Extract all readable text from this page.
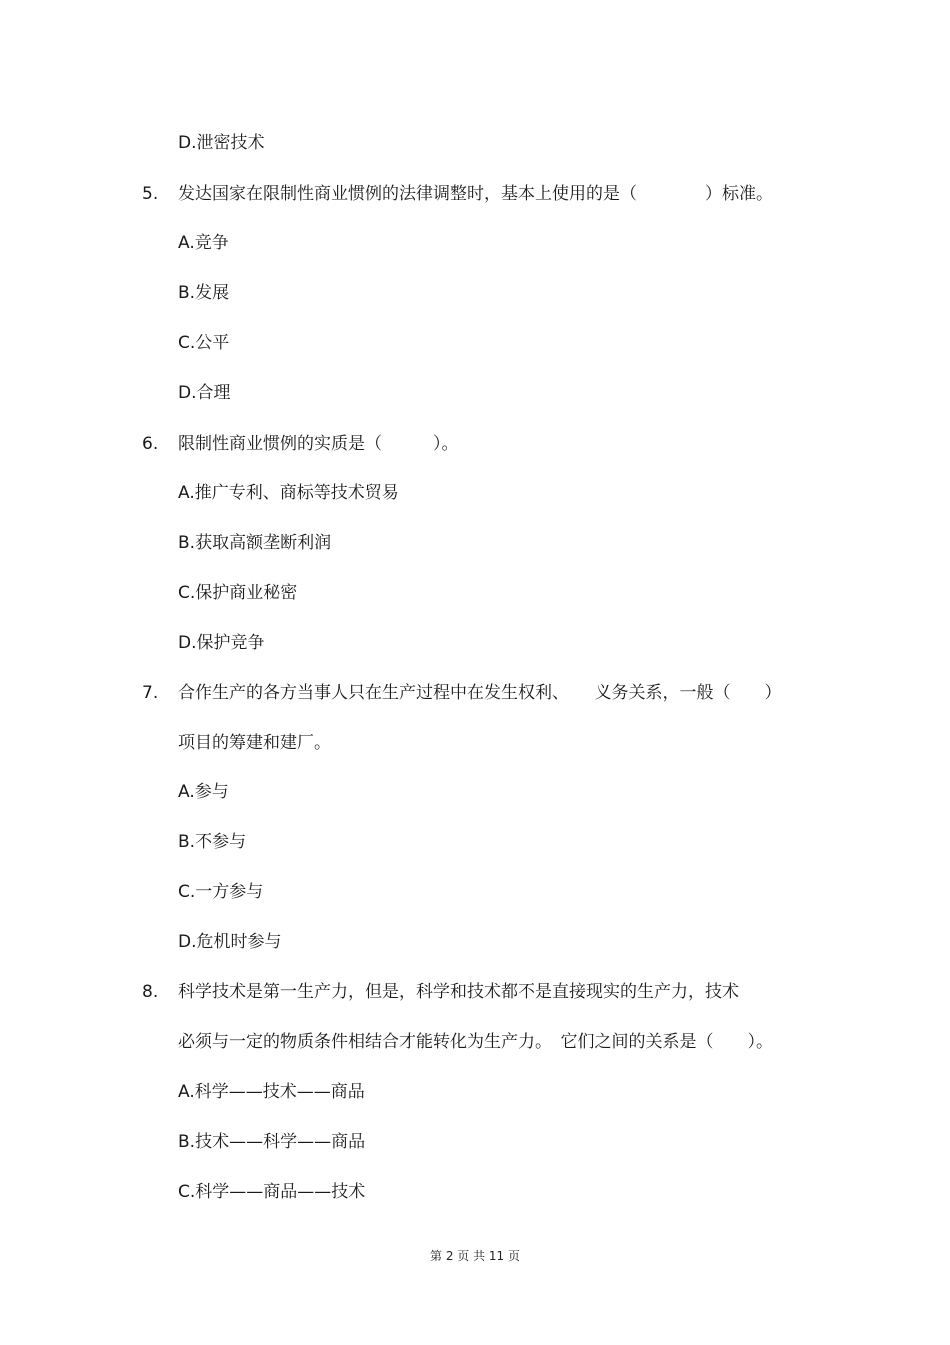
D.泄密技术
5. 发达国家在限制性商业惯例的法律调整时，基本上使用的是（　　　　）标准。
A.竞争
B.发展
C.公平
D.合理
6. 限制性商业惯例的实质是（　　　）。
A.推广专利、商标等技术贸易
B.获取高额垄断利润
C.保护商业秘密
D.保护竞争
7. 合作生产的各方当事人只在生产过程中在发生权利、　　义务关系，一般（　　）
项目的筹建和建厂。
A.参与
B.不参与
C.一方参与
D.危机时参与
8. 科学技术是第一生产力，但是，科学和技术都不是直接现实的生产力，技术
必须与一定的物质条件相结合才能转化为生产力。　它们之间的关系是（　　）。
A.科学——技术——商品
B.技术——科学——商品
C.科学——商品——技术
第 2 页 共 11 页
